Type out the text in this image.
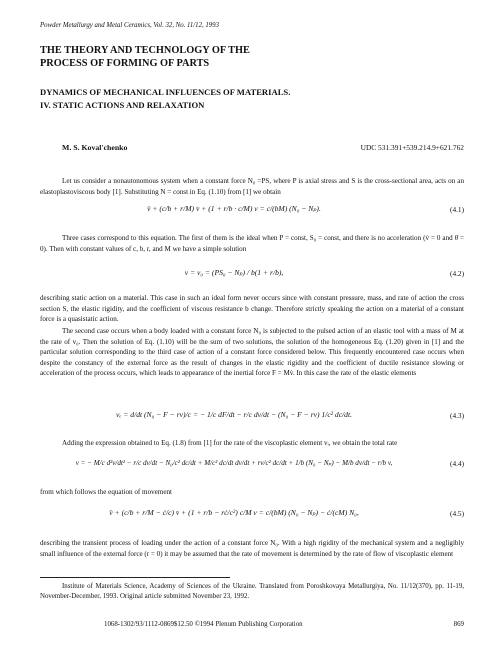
Powder Metallurgy and Metal Ceramics, Vol. 32, No. 11/12, 1993
THE THEORY AND TECHNOLOGY OF THE
PROCESS OF FORMING OF PARTS
DYNAMICS OF MECHANICAL INFLUENCES OF MATERIALS.
IV. STATIC ACTIONS AND RELAXATION
M. S. Koval'chenko	UDC 531.391+539.214.9+621.762
Let us consider a nonautonomous system when a constant force N₀ =PS, where P is axial stress and S is the cross-sectional area, acts on an elastoplastoviscous body [1]. Substituting N = const in Eq. (1.10) from [1] we obtain
v̈ + (c/b + r/M) v̇ + (1 + r/b · c/M) v = c/(bM) (N₀ − Nₚ).	(4.1)
Three cases correspond to this equation. The first of them is the ideal when P = const, S₀ = const, and there is no acceleration (v̇ = 0 and θ̇ = 0). Then with constant values of c, b, r, and M we have a simple solution
v = v₀ = (PS₀ − Nₚ) / b(1 + r/b),	(4.2)
describing static action on a material. This case in such an ideal form never occurs since with constant pressure, mass, and rate of action the cross section S, the elastic rigidity, and the coefficient of viscous resistance b change. Therefore strictly speaking the action on a material of a constant force is a quasistatic action.
The second case occurs when a body loaded with a constant force N₀ is subjected to the pulsed action of an elastic tool with a mass of M at the rate of v₀. Then the solution of Eq. (1.10) will be the sum of two solutions, the solution of the homogeneous Eq. (1.20) given in [1] and the particular solution corresponding to the third case of action of a constant force considered below. This frequently encountered case occurs when despite the constancy of the external force as the result of changes in the elastic rigidity and the coefficient of ductile resistance slowing or acceleration of the process occurs, which leads to appearance of the inertial force F = Mv̇. In this case the rate of the elastic elements
vₑ = d/dt (N₀ − F − rv)/c = − 1/c dF/dt − r/c dv/dt − (N₀ − F − rv) 1/c² dc/dt.	(4.3)
Adding the expression obtained to Eq. (1.8) from [1] for the rate of the viscoplastic element vᵢ, we obtain the total rate
v = − M/c d²v/dt² − r/c dv/dt − N₀/c² dc/dt + M/c² dc/dt dv/dt + rv/c² dc/dt + 1/b (N₀ − Nₚ) − M/b dv/dt − r/b v,	(4.4)
from which follows the equation of movement
v̈ + (c/b + r/M − ċ/c) v̇ + (1 + r/b − rċ/c²) c/M v = c/(bM) (N₀ − Nₚ) − ċ/(cM) N₀,	(4.5)
describing the transient process of loading under the action of a constant force N₀. With a high rigidity of the mechanical system and a negligibly small influence of the external force (r = 0) it may be assumed that the rate of movement is determined by the rate of flow of viscoplastic element
Institute of Materials Science, Academy of Sciences of the Ukraine. Translated from Poroshkovaya Metallurgiya, No. 11/12(370), pp. 11-19, November-December, 1993. Original article submitted November 23, 1992.
1068-1302/93/1112-0869$12.50 ©1994 Plenum Publishing Corporation	869
